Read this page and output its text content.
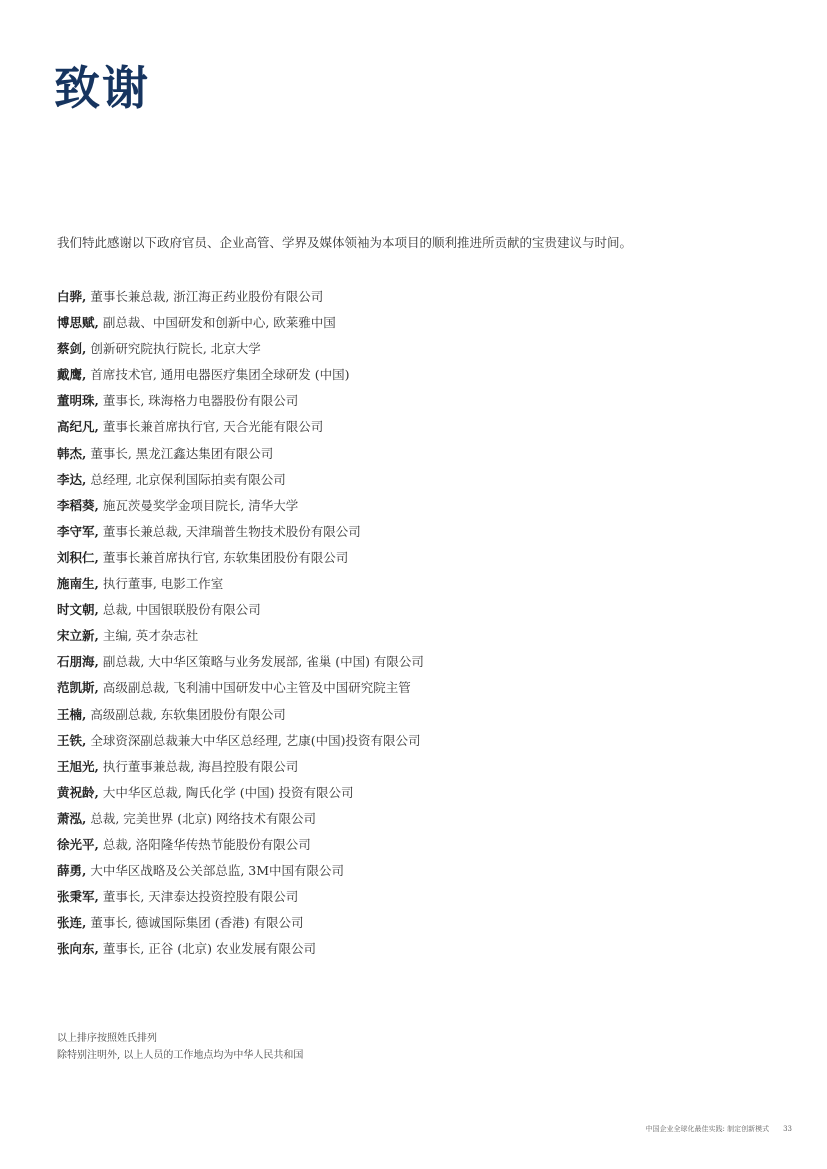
致谢

我们特此感谢以下政府官员、企业高管、学界及媒体领袖为本项目的顺利推进所贡献的宝贵建议与时间。

白骅, 董事长兼总裁, 浙江海正药业股份有限公司
博思赋, 副总裁、中国研发和创新中心, 欧莱雅中国
蔡剑, 创新研究院执行院长, 北京大学
戴鹰, 首席技术官, 通用电器医疗集团全球研发 (中国)
董明珠, 董事长, 珠海格力电器股份有限公司
高纪凡, 董事长兼首席执行官, 天合光能有限公司
韩杰, 董事长, 黑龙江鑫达集团有限公司
李达, 总经理, 北京保利国际拍卖有限公司
李稻葵, 施瓦茨曼奖学金项目院长, 清华大学
李守军, 董事长兼总裁, 天津瑞普生物技术股份有限公司
刘积仁, 董事长兼首席执行官, 东软集团股份有限公司
施南生, 执行董事, 电影工作室
时文朝, 总裁, 中国银联股份有限公司
宋立新, 主编, 英才杂志社
石朋海, 副总裁, 大中华区策略与业务发展部, 雀巢 (中国) 有限公司
范凯斯, 高级副总裁, 飞利浦中国研发中心主管及中国研究院主管
王楠, 高级副总裁, 东软集团股份有限公司
王铁, 全球资深副总裁兼大中华区总经理, 艺康(中国)投资有限公司
王旭光, 执行董事兼总裁, 海昌控股有限公司
黄祝龄, 大中华区总裁, 陶氏化学 (中国) 投资有限公司
萧泓, 总裁, 完美世界 (北京) 网络技术有限公司
徐光平, 总裁, 洛阳隆华传热节能股份有限公司
薛勇, 大中华区战略及公关部总监, 3M中国有限公司
张秉军, 董事长, 天津泰达投资控股有限公司
张连, 董事长, 德诚国际集团 (香港) 有限公司
张向东, 董事长, 正谷 (北京) 农业发展有限公司
以上排序按照姓氏排列
除特别注明外, 以上人员的工作地点均为中华人民共和国
中国企业全球化最佳实践: 制定创新模式 33
